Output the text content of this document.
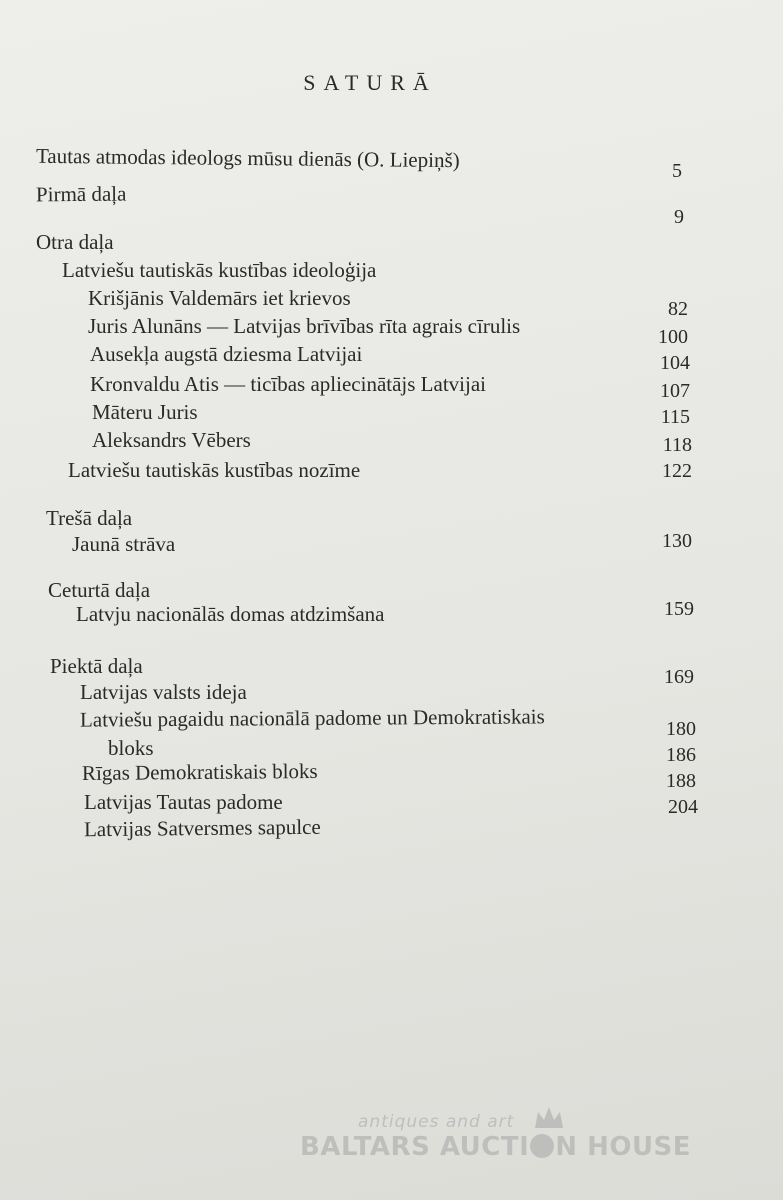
SATURĀ
Tautas atmodas ideologs mūsu dienās (O. Liepiņš)
Pirmā daļa
Otra daļa
Latviešu tautiskās kustības ideoloģija
Krišjānis Valdemārs iet krievos
Juris Alunāns — Latvijas brīvības rīta agrais cīrulis
Ausekļa augstā dziesma Latvijai
Kronvaldu Atis — ticības apliecinātājs Latvijai
Māteru Juris
Aleksandrs Vēbers
Latviešu tautiskās kustības nozīme
Trešā daļa
Jaunā strāva
Ceturtā daļa
Latvju nacionālās domas atdzimšana
Piektā daļa
Latvijas valsts ideja
Latviešu pagaidu nacionālā padome un Demokratiskais
bloks
Rīgas Demokratiskais bloks
Latvijas Tautas padome
Latvijas Satversmes sapulce
5
9
82
100
104
107
115
118
122
130
159
169
180
186
188
204
antiques and art
BALTARS AUCTI N HOUSE
